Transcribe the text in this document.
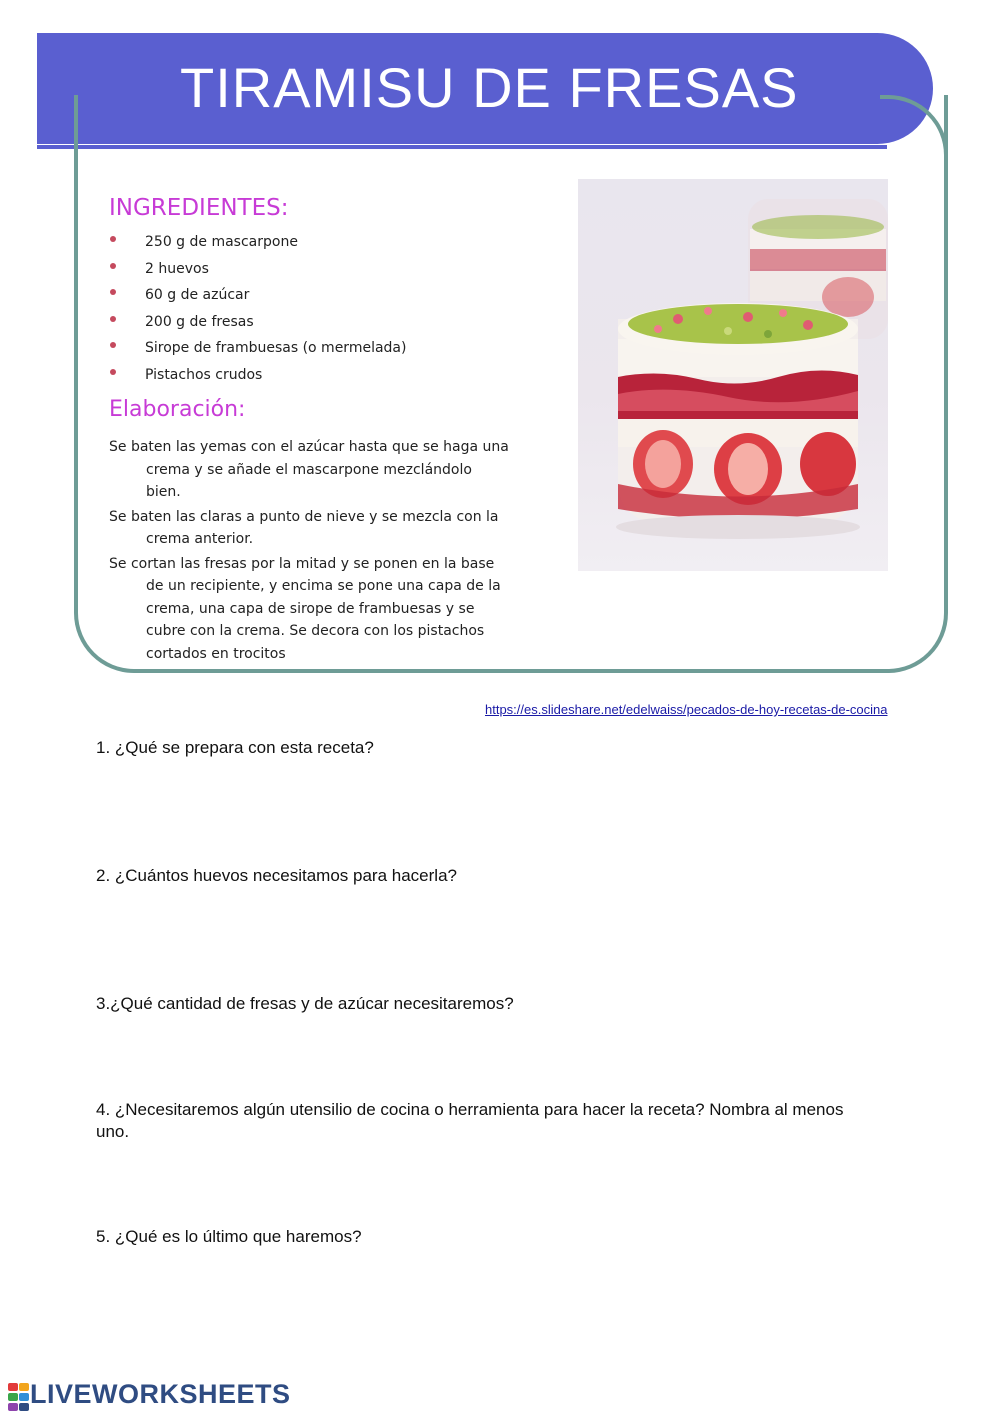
TIRAMISU DE FRESAS
INGREDIENTES:
250 g de mascarpone
2 huevos
60 g de azúcar
200 g de fresas
Sirope de frambuesas (o mermelada)
Pistachos crudos
Elaboración:

Se baten las yemas con el azúcar hasta que se haga una crema y se añade el mascarpone mezclándolo bien.

Se baten las claras a punto de nieve y se mezcla con la crema anterior.

Se cortan las fresas por la mitad y se ponen en la base de un recipiente, y encima se pone una capa de la crema, una capa de sirope de frambuesas y se cubre con la crema. Se decora con los pistachos cortados en trocitos

https://es.slideshare.net/edelwaiss/pecados-de-hoy-recetas-de-cocina

1. ¿Qué se prepara con esta receta?

2. ¿Cuántos huevos necesitamos para hacerla?

3.¿Qué cantidad de fresas y de azúcar necesitaremos?

4. ¿Necesitaremos algún utensilio de cocina o herramienta para hacer la receta? Nombra al menos uno.

5. ¿Qué es lo último que haremos?

LIVEWORKSHEETS
